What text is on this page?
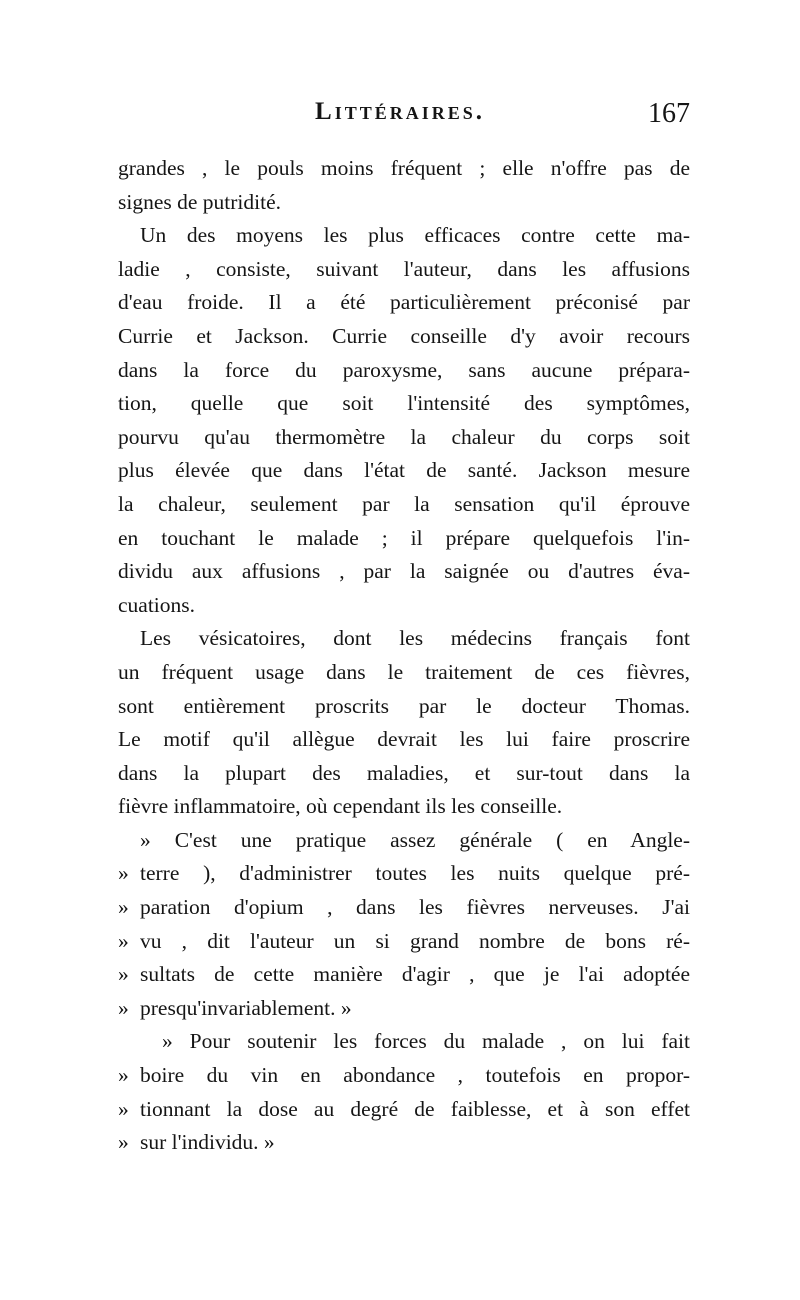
Littéraires.	167
grandes , le pouls moins fréquent ; elle n'offre pas de
signes de putridité.
Un des moyens les plus efficaces contre cette ma-
ladie , consiste, suivant l'auteur, dans les affusions
d'eau froide. Il a été particulièrement préconisé par
Currie et Jackson. Currie conseille d'y avoir recours
dans la force du paroxysme, sans aucune prépara-
tion, quelle que soit l'intensité des symptômes,
pourvu qu'au thermomètre la chaleur du corps soit
plus élevée que dans l'état de santé. Jackson mesure
la chaleur, seulement par la sensation qu'il éprouve
en touchant le malade ; il prépare quelquefois l'in-
dividu aux affusions , par la saignée ou d'autres éva-
cuations.
Les vésicatoires, dont les médecins français font
un fréquent usage dans le traitement de ces fièvres,
sont entièrement proscrits par le docteur Thomas.
Le motif qu'il allègue devrait les lui faire proscrire
dans la plupart des maladies, et sur-tout dans la
fièvre inflammatoire, où cependant ils les conseille.
» C'est une pratique assez générale ( en Angle-
» terre ), d'administrer toutes les nuits quelque pré-
» paration d'opium , dans les fièvres nerveuses. J'ai
» vu , dit l'auteur un si grand nombre de bons ré-
» sultats de cette manière d'agir , que je l'ai adoptée
» presqu'invariablement. »
» Pour soutenir les forces du malade , on lui fait
» boire du vin en abondance , toutefois en propor-
» tionnant la dose au degré de faiblesse, et à son effet
» sur l'individu. »
